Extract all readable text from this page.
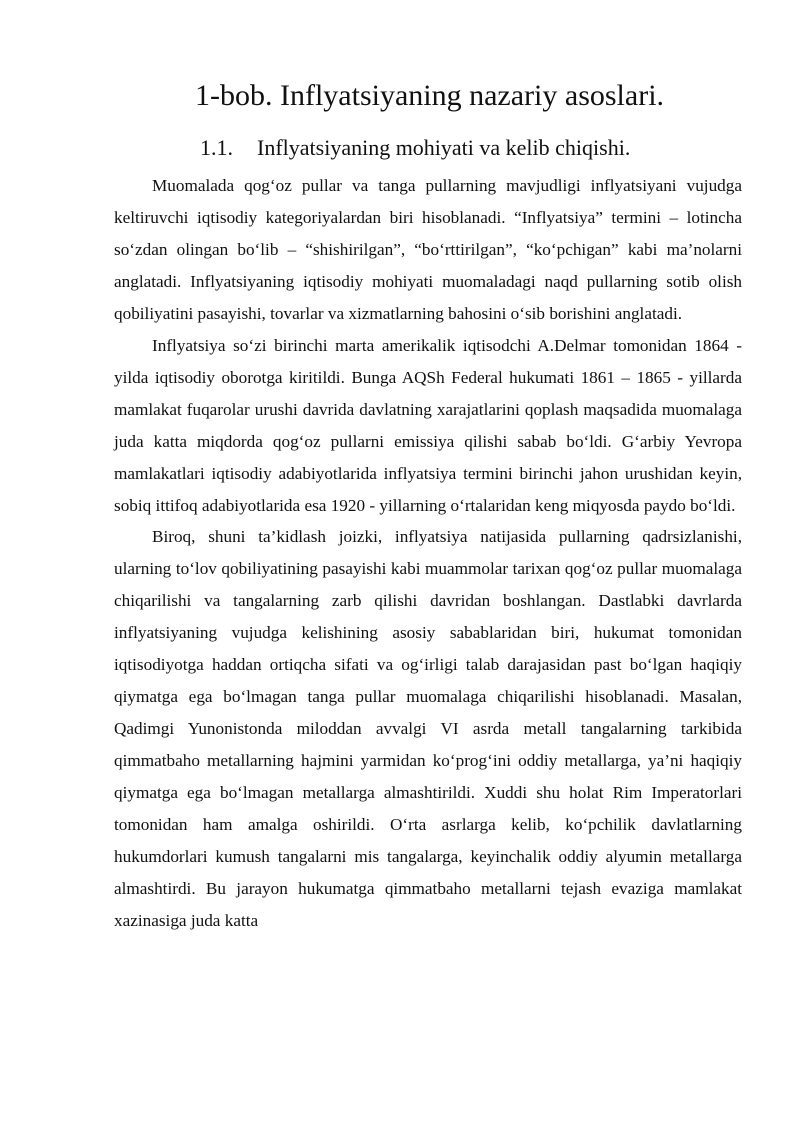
1-bob. Inflyatsiyaning nazariy asoslari.
1.1. Inflyatsiyaning mohiyati va kelib chiqishi.

Muomalada qog‘oz pullar va tanga pullarning mavjudligi inflyatsiyani vujudga keltiruvchi iqtisodiy kategoriyalardan biri hisoblanadi. “Inflyatsiya” termini – lotincha so‘zdan olingan bo‘lib – “shishirilgan”, “bo‘rttirilgan”, “ko‘pchigan” kabi ma’nolarni anglatadi. Inflyatsiyaning iqtisodiy mohiyati muomaladagi naqd pullarning sotib olish qobiliyatini pasayishi, tovarlar va xizmatlarning bahosini o‘sib borishini anglatadi.

Inflyatsiya so‘zi birinchi marta amerikalik iqtisodchi A.Delmar tomonidan 1864 - yilda iqtisodiy oborotga kiritildi. Bunga AQSh Federal hukumati 1861 – 1865 - yillarda mamlakat fuqarolar urushi davrida davlatning xarajatlarini qoplash maqsadida muomalaga juda katta miqdorda qog‘oz pullarni emissiya qilishi sabab bo‘ldi. G‘arbiy Yevropa mamlakatlari iqtisodiy adabiyotlarida inflyatsiya termini birinchi jahon urushidan keyin, sobiq ittifoq adabiyotlarida esa 1920 - yillarning o‘rtalaridan keng miqyosda paydo bo‘ldi.

Biroq, shuni ta’kidlash joizki, inflyatsiya natijasida pullarning qadrsizlanishi, ularning to‘lov qobiliyatining pasayishi kabi muammolar tarixan qog‘oz pullar muomalaga chiqarilishi va tangalarning zarb qilishi davridan boshlangan. Dastlabki davrlarda inflyatsiyaning vujudga kelishining asosiy sabablaridan biri, hukumat tomonidan iqtisodiyotga haddan ortiqcha sifati va og‘irligi talab darajasidan past bo‘lgan haqiqiy qiymatga ega bo‘lmagan tanga pullar muomalaga chiqarilishi hisoblanadi. Masalan, Qadimgi Yunonistonda miloddan avvalgi VI asrda metall tangalarning tarkibida qimmatbaho metallarning hajmini yarmidan ko‘prog‘ini oddiy metallarga, ya’ni haqiqiy qiymatga ega bo‘lmagan metallarga almashtirildi. Xuddi shu holat Rim Imperatorlari tomonidan ham amalga oshirildi. O‘rta asrlarga kelib, ko‘pchilik davlatlarning hukumdorlari kumush tangalarni mis tangalarga, keyinchalik oddiy alyumin metallarga almashtirdi. Bu jarayon hukumatga qimmatbaho metallarni tejash evaziga mamlakat xazinasiga juda katta
